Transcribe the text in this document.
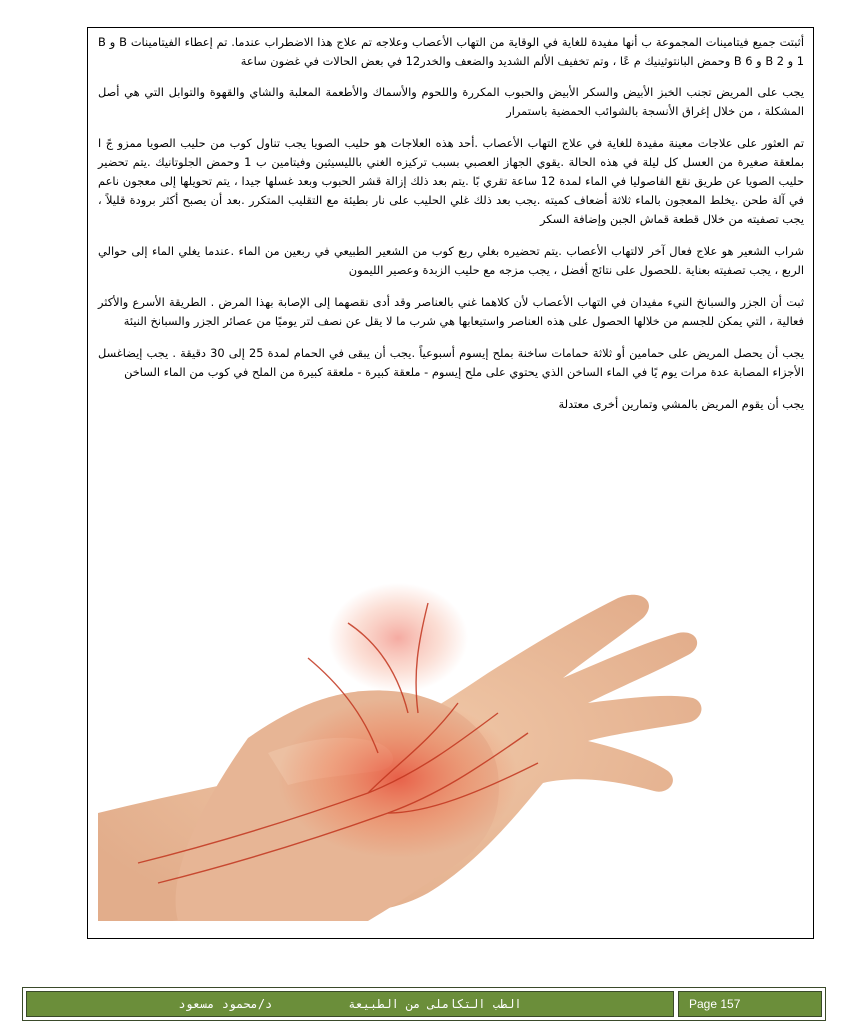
أثبتت جميع فيتامينات المجموعة ب أنها مفيدة للغاية في الوقاية من التهاب الأعصاب وعلاجه تم علاج هذا الاضطراب عندما. تم إعطاء الفيتامينات B و B 1 و B 2 و B 6 وحمض البانتوثينيك م عًا ، وتم تخفيف الألم الشديد والضعف والخدر12 في بعض الحالات في غضون ساعة

يجب على المريض تجنب الخبز الأبيض والسكر الأبيض والحبوب المكررة واللحوم والأسماك والأطعمة المعلبة والشاي والقهوة والتوابل التي هي أصل المشكلة ، من خلال إغراق الأنسجة بالشوائب الحمضية باستمرار

تم العثور على علاجات معينة مفيدة للغاية في علاج التهاب الأعصاب .أحد هذه العلاجات هو حليب الصويا يجب تناول كوب من حليب الصويا ممزو جً ا بملعقة صغيرة من العسل كل ليلة في هذه الحالة .يقوي الجهاز العصبي بسبب تركيزه الغني بالليسيثين وفيتامين ب 1 وحمض الجلوتانيك .يتم تحضير حليب الصويا عن طريق نقع الفاصوليا في الماء لمدة 12 ساعة تقري بًا .يتم بعد ذلك إزالة قشر الحبوب وبعد غسلها جيدا ، يتم تحويلها إلى معجون ناعم في آلة طحن .يخلط المعجون بالماء ثلاثة أضعاف كميته .يجب بعد ذلك غلي الحليب على نار بطيئة مع التقليب المتكرر .بعد أن يصبح أكثر برودة قليلاً ، يجب تصفيته من خلال قطعة قماش الجبن وإضافة السكر

شراب الشعير هو علاج فعال آخر لالتهاب الأعصاب .يتم تحضيره بغلي ربع كوب من الشعير الطبيعي في ربعين من الماء .عندما يغلي الماء إلى حوالي الربع ، يجب تصفيته بعناية .للحصول على نتائج أفضل ، يجب مزجه مع حليب الزبدة وعصير الليمون

ثبت أن الجزر والسبانخ النيء مفيدان في التهاب الأعصاب لأن كلاهما غني بالعناصر وقد أدى نقصهما إلى الإصابة بهذا المرض . الطريقة الأسرع والأكثر فعالية ، التي يمكن للجسم من خلالها الحصول على هذه العناصر واستيعابها هي شرب ما لا يقل عن نصف لتر يوميًا من عصائر الجزر والسبانخ النيئة

يجب أن يحصل المريض على حمامين أو ثلاثة حمامات ساخنة بملح إيسوم أسبوعياً .يجب أن يبقى في الحمام لمدة 25 إلى 30 دقيقة . يجب إيضاغسل الأجزاء المصابة عدة مرات يوم يًا في الماء الساخن الذي يحتوي على ملح إيسوم - ملعقة كبيرة - ملعقة كبيرة من الملح في كوب من الماء الساخن

يجب أن يقوم المريض بالمشي وتمارين أخرى معتدلة

الطب التكاملى من الطبيعة
د/محمود مسعود	Page 157
